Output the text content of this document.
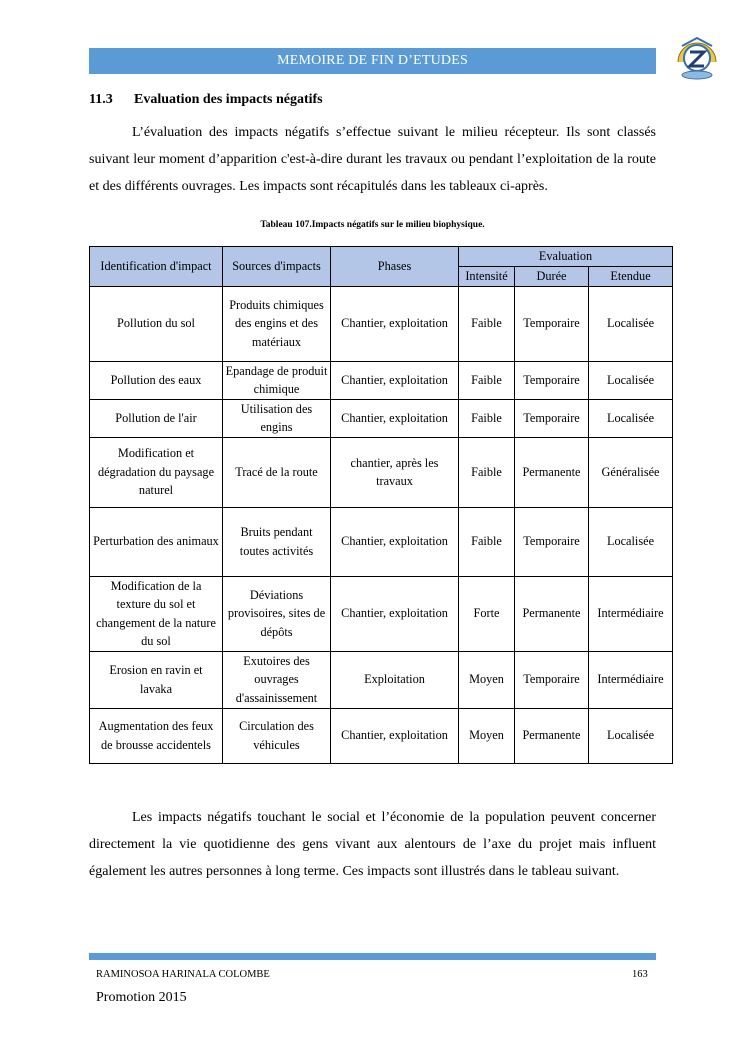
MEMOIRE DE FIN D’ETUDES
11.3 Evaluation des impacts négatifs

L’évaluation des impacts négatifs s’effectue suivant le milieu récepteur. Ils sont classés suivant leur moment d’apparition c'est-à-dire durant les travaux ou pendant l’exploitation de la route et des différents ouvrages. Les impacts sont récapitulés dans les tableaux ci-après.

Tableau 107.Impacts négatifs sur le milieu biophysique.
Identification d'impact	Sources d'impacts	Phases	Evaluation		
			Intensité	Durée	Etendue
Pollution du sol	Produits chimiques des engins et des matériaux	Chantier, exploitation	Faible	Temporaire	Localisée
Pollution des eaux	Epandage de produit chimique	Chantier, exploitation	Faible	Temporaire	Localisée
Pollution de l'air	Utilisation des engins	Chantier, exploitation	Faible	Temporaire	Localisée
Modification et dégradation du paysage naturel	Tracé de la route	chantier, après les travaux	Faible	Permanente	Généralisée
Perturbation des animaux	Bruits pendant toutes activités	Chantier, exploitation	Faible	Temporaire	Localisée
Modification de la texture du sol et changement de la nature du sol	Déviations provisoires, sites de dépôts	Chantier, exploitation	Forte	Permanente	Intermédiaire
Erosion en ravin et lavaka	Exutoires des ouvrages d'assainissement	Exploitation	Moyen	Temporaire	Intermédiaire
Augmentation des feux de brousse accidentels	Circulation des véhicules	Chantier, exploitation	Moyen	Permanente	Localisée

Les impacts négatifs touchant le social et l’économie de la population peuvent concerner directement la vie quotidienne des gens vivant aux alentours de l’axe du projet mais influent également les autres personnes à long terme. Ces impacts sont illustrés dans le tableau suivant.

RAMINOSOA HARINALA COLOMBE	163
Promotion 2015
